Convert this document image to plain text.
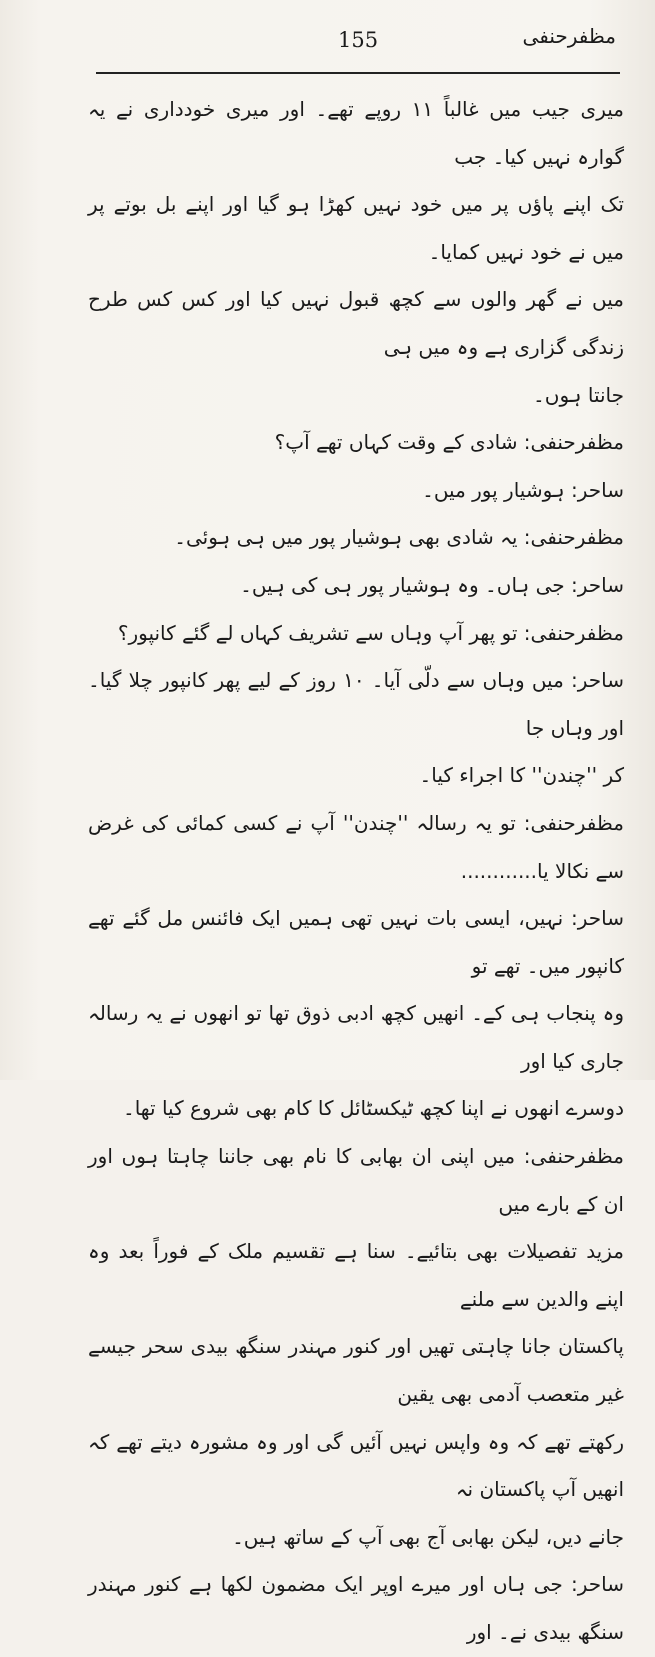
155	مظفرحنفی

میری جیب میں غالباً ۱۱ روپے تھے۔ اور میری خودداری نے یہ گوارہ نہیں کیا۔ جب

تک اپنے پاؤں پر میں خود نہیں کھڑا ہو گیا اور اپنے بل بوتے پر میں نے خود نہیں کمایا۔

میں نے گھر والوں سے کچھ قبول نہیں کیا اور کس کس طرح زندگی گزاری ہے وہ میں ہی

جانتا ہوں۔

مظفرحنفی: شادی کے وقت کہاں تھے آپ؟

ساحر: ہوشیار پور میں۔

مظفرحنفی: یہ شادی بھی ہوشیار پور میں ہی ہوئی۔

ساحر: جی ہاں۔ وہ ہوشیار پور ہی کی ہیں۔

مظفرحنفی: تو پھر آپ وہاں سے تشریف کہاں لے گئے کانپور؟

ساحر: میں وہاں سے دلّی آیا۔ ۱۰ روز کے لیے پھر کانپور چلا گیا۔ اور وہاں جا

کر ''چندن'' کا اجراء کیا۔

مظفرحنفی: تو یہ رسالہ ''چندن'' آپ نے کسی کمائی کی غرض سے نکالا یا............

ساحر: نہیں، ایسی بات نہیں تھی ہمیں ایک فائنس مل گئے تھے کانپور میں۔ تھے تو

وہ پنجاب ہی کے۔ انھیں کچھ ادبی ذوق تھا تو انھوں نے یہ رسالہ جاری کیا اور

دوسرے انھوں نے اپنا کچھ ٹیکسٹائل کا کام بھی شروع کیا تھا۔

مظفرحنفی: میں اپنی ان بھابی کا نام بھی جاننا چاہتا ہوں اور ان کے بارے میں

مزید تفصیلات بھی بتائیے۔ سنا ہے تقسیم ملک کے فوراً بعد وہ اپنے والدین سے ملنے

پاکستان جانا چاہتی تھیں اور کنور مہندر سنگھ بیدی سحر جیسے غیر متعصب آدمی بھی یقین

رکھتے تھے کہ وہ واپس نہیں آئیں گی اور وہ مشورہ دیتے تھے کہ انھیں آپ پاکستان نہ

جانے دیں، لیکن بھابی آج بھی آپ کے ساتھ ہیں۔

ساحر: جی ہاں اور میرے اوپر ایک مضمون لکھا ہے کنور مہندر سنگھ بیدی نے۔ اور
